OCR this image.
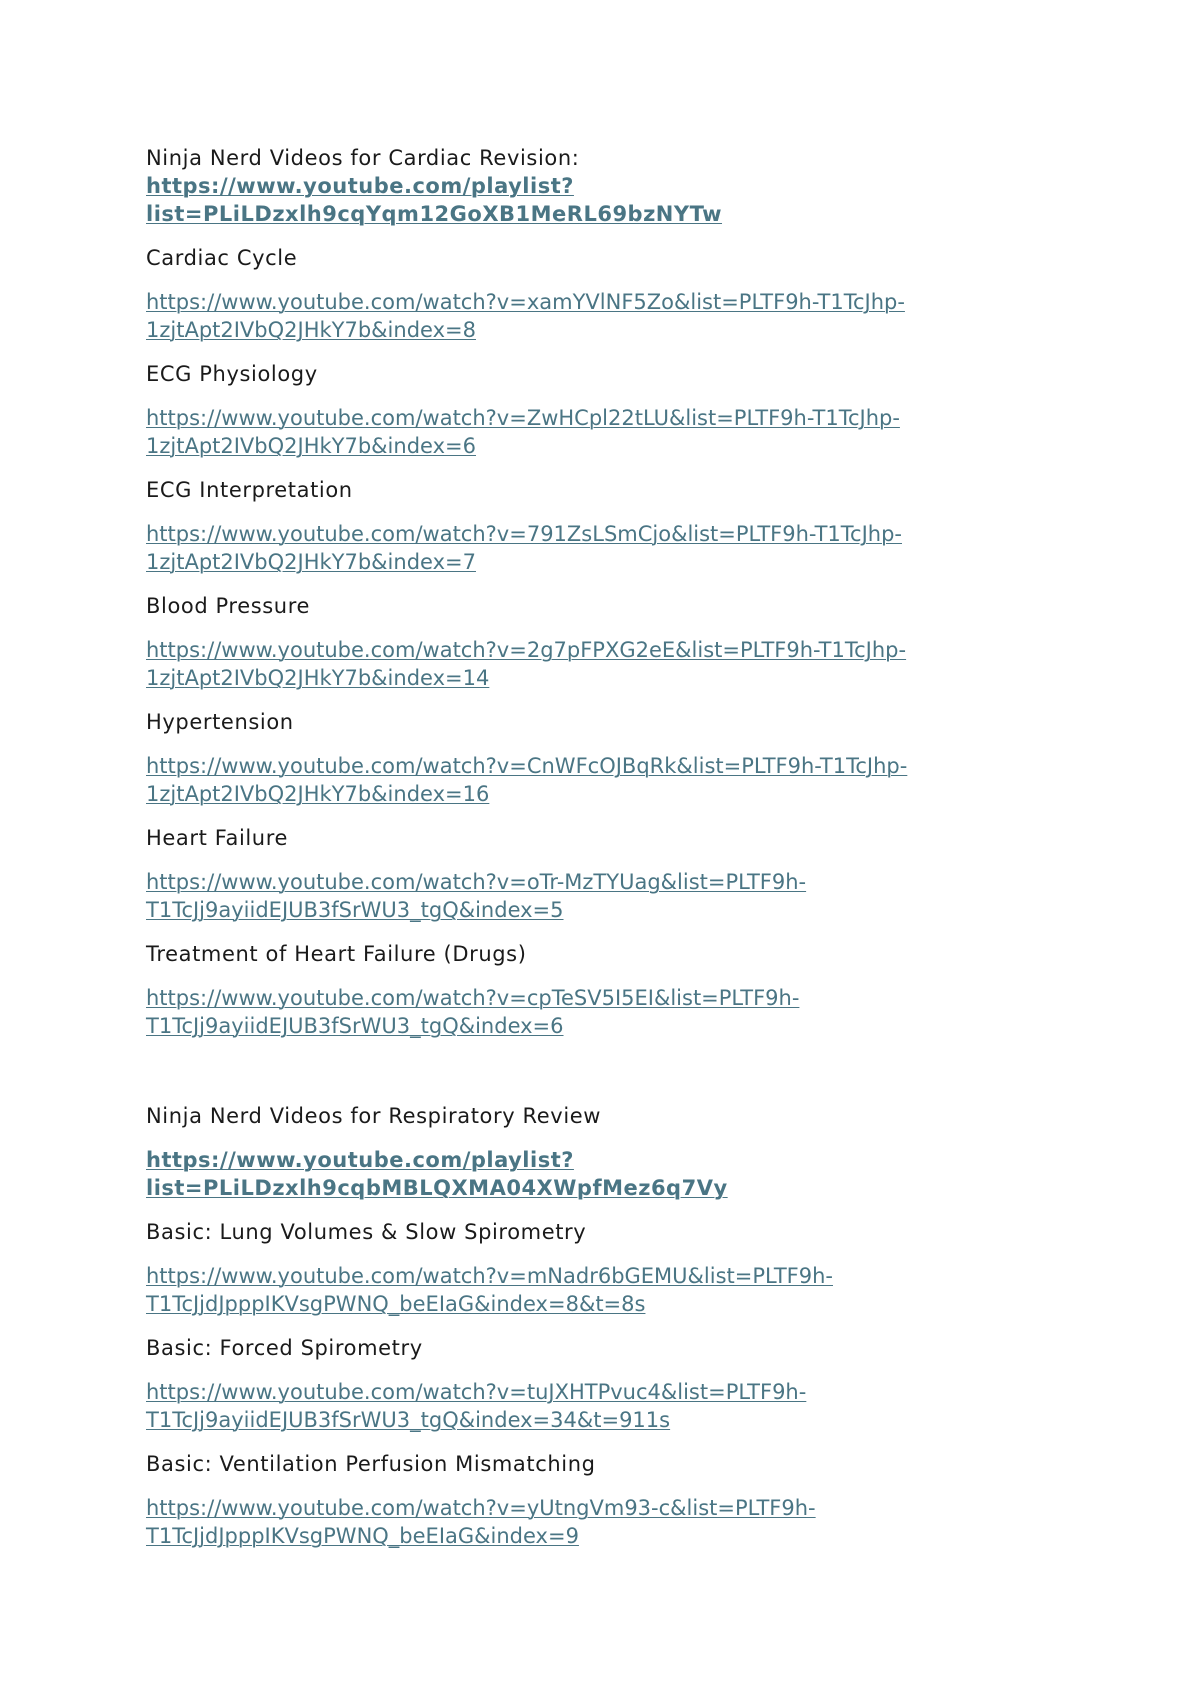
Ninja Nerd Videos for Cardiac Revision:

https://www.youtube.com/playlist?
list=PLiLDzxlh9cqYqm12GoXB1MeRL69bzNYTw

Cardiac Cycle

https://www.youtube.com/watch?v=xamYVlNF5Zo&list=PLTF9h-T1TcJhp-
1zjtApt2IVbQ2JHkY7b&index=8

ECG Physiology

https://www.youtube.com/watch?v=ZwHCpl22tLU&list=PLTF9h-T1TcJhp-
1zjtApt2IVbQ2JHkY7b&index=6

ECG Interpretation

https://www.youtube.com/watch?v=791ZsLSmCjo&list=PLTF9h-T1TcJhp-
1zjtApt2IVbQ2JHkY7b&index=7

Blood Pressure

https://www.youtube.com/watch?v=2g7pFPXG2eE&list=PLTF9h-T1TcJhp-
1zjtApt2IVbQ2JHkY7b&index=14

Hypertension

https://www.youtube.com/watch?v=CnWFcOJBqRk&list=PLTF9h-T1TcJhp-
1zjtApt2IVbQ2JHkY7b&index=16

Heart Failure

https://www.youtube.com/watch?v=oTr-MzTYUag&list=PLTF9h-
T1TcJj9ayiidEJUB3fSrWU3_tgQ&index=5

Treatment of Heart Failure (Drugs)

https://www.youtube.com/watch?v=cpTeSV5I5EI&list=PLTF9h-
T1TcJj9ayiidEJUB3fSrWU3_tgQ&index=6

Ninja Nerd Videos for Respiratory Review

https://www.youtube.com/playlist?
list=PLiLDzxlh9cqbMBLQXMA04XWpfMez6q7Vy

Basic: Lung Volumes & Slow Spirometry

https://www.youtube.com/watch?v=mNadr6bGEMU&list=PLTF9h-
T1TcJjdJpppIKVsgPWNQ_beEIaG&index=8&t=8s

Basic: Forced Spirometry

https://www.youtube.com/watch?v=tuJXHTPvuc4&list=PLTF9h-
T1TcJj9ayiidEJUB3fSrWU3_tgQ&index=34&t=911s

Basic: Ventilation Perfusion Mismatching

https://www.youtube.com/watch?v=yUtngVm93-c&list=PLTF9h-
T1TcJjdJpppIKVsgPWNQ_beEIaG&index=9
